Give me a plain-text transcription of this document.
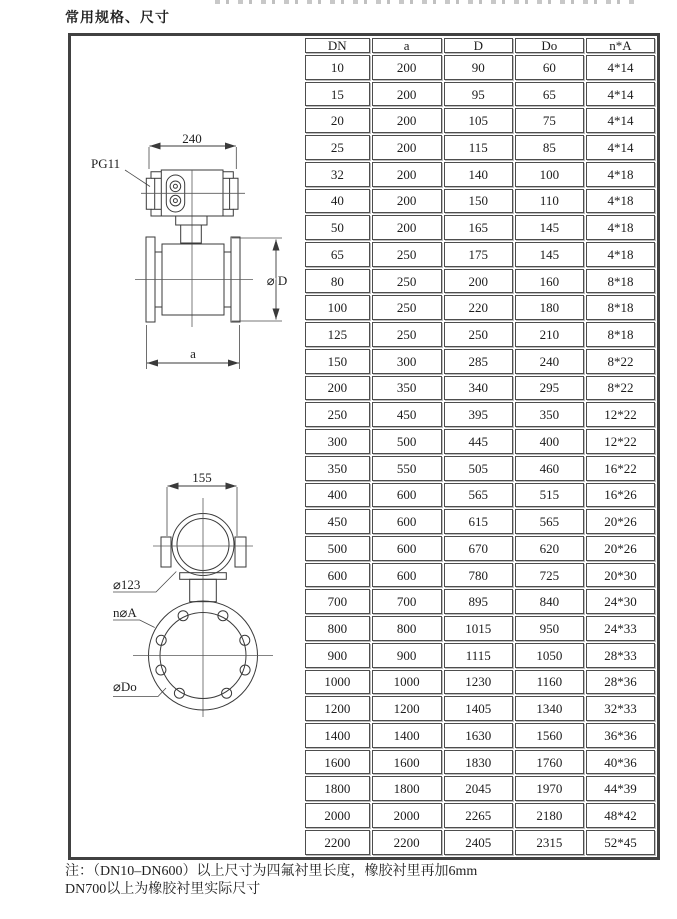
常用规格、尺寸
240
PG11
⌀ D
a
155
⌀123
n⌀A
⌀Do
DN	a	D	Do	n*A
10	200	90	60	4*14
15	200	95	65	4*14
20	200	105	75	4*14
25	200	115	85	4*14
32	200	140	100	4*18
40	200	150	110	4*18
50	200	165	145	4*18
65	250	175	145	4*18
80	250	200	160	8*18
100	250	220	180	8*18
125	250	250	210	8*18
150	300	285	240	8*22
200	350	340	295	8*22
250	450	395	350	12*22
300	500	445	400	12*22
350	550	505	460	16*22
400	600	565	515	16*26
450	600	615	565	20*26
500	600	670	620	20*26
600	600	780	725	20*30
700	700	895	840	24*30
800	800	1015	950	24*33
900	900	1115	1050	28*33
1000	1000	1230	1160	28*36
1200	1200	1405	1340	32*33
1400	1400	1630	1560	36*36
1600	1600	1830	1760	40*36
1800	1800	2045	1970	44*39
2000	2000	2265	2180	48*42
2200	2200	2405	2315	52*45
注：（DN10–DN600）以上尺寸为四氟衬里长度，橡胶衬里再加6mm
DN700以上为橡胶衬里实际尺寸
